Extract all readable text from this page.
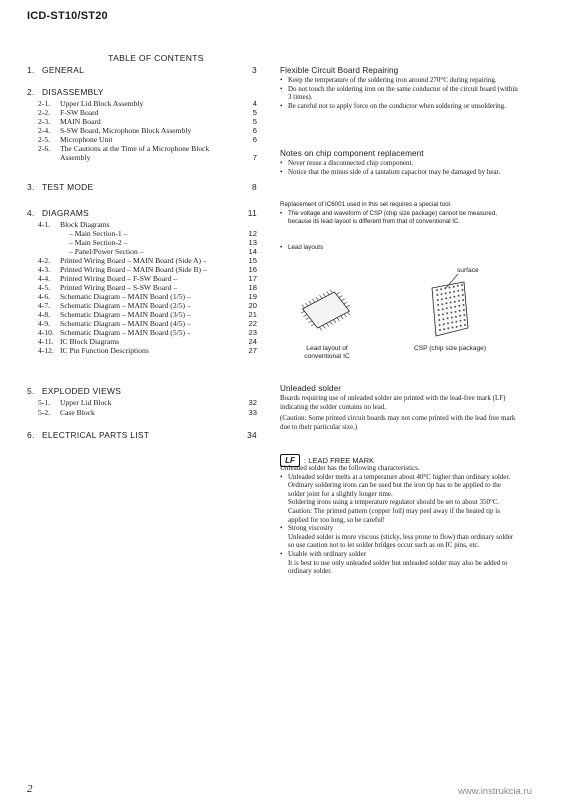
ICD-ST10/ST20
TABLE OF CONTENTS
1. GENERAL	3
2. DISASSEMBLY
2-1. Upper Lid Block Assembly	4
2-2. F-SW Board	5
2-3. MAIN Board	5
2-4. S-SW Board, Microphone Block Assembly	6
2-5. Microphone Unit	6
2-6. The Cautions at the Time of a Microphone Block
Assembly	7
3. TEST MODE	8
4. DIAGRAMS	11
4-1. Block Diagrams
– Main Section-1 –	12
– Main Section-2 –	13
– Panel/Power Section –	14
4-2. Printed Wiring Board – MAIN Board (Side A) –	15
4-3. Printed Wiring Board – MAIN Board (Side B) –	16
4-4. Printed Wiring Board – F-SW Board –	17
4-5. Printed Wiring Board – S-SW Board –	18
4-6. Schematic Diagram – MAIN Board (1/5) –	19
4-7. Schematic Diagram – MAIN Board (2/5) –	20
4-8. Schematic Diagram – MAIN Board (3/5) –	21
4-9. Schematic Diagram – MAIN Board (4/5) –	22
4-10. Schematic Diagram – MAIN Board (5/5) –	23
4-11. IC Block Diagrams	24
4-12. IC Pin Function Descriptions	27
5. EXPLODED VIEWS
5-1. Upper Lid Block	32
5-2. Case Block	33
6. ELECTRICAL PARTS LIST	34
Flexible Circuit Board Repairing
• Keep the temperature of the soldering iron around 270°C during repairing.
• Do not touch the soldering iron on the same conductor of the circuit board (within 3 times).
• Be careful not to apply force on the conductor when soldering or unsoldering.
Notes on chip component replacement
• Never reuse a disconnected chip component.
• Notice that the minus side of a tantalum capacitor may be damaged by heat.
Replacement of IC6001 used in this set requires a special tool.
• The voltage and waveform of CSP (chip size package) cannot be measured, because its lead layout is different from that of conventional IC.
• Lead layouts
Lead layout of
conventional IC
surface
CSP (chip size package)
Unleaded solder
Boards requiring use of unleaded solder are printed with the lead-free mark (LF) indicating the solder contains no lead.
(Caution: Some printed circuit boards may not come printed with the lead free mark due to their particular size.)
LF : LEAD FREE MARK
Unleaded solder has the following characteristics.
• Unleaded solder melts at a temperature about 40°C higher than ordinary solder.
Ordinary soldering irons can be used but the iron tip has to be applied to the solder joint for a slightly longer time.
Soldering irons using a temperature regulator should be set to about 350°C.
Caution: The printed pattern (copper foil) may peel away if the heated tip is applied for too long, so be careful!
• Strong viscosity
Unleaded solder is more viscous (sticky, less prone to flow) than ordinary solder so use caution not to let solder bridges occur such as on IC pins, etc.
• Usable with ordinary solder
It is best to use only unleaded solder but unleaded solder may also be added to ordinary solder.
2	www.instrukcia.ru
